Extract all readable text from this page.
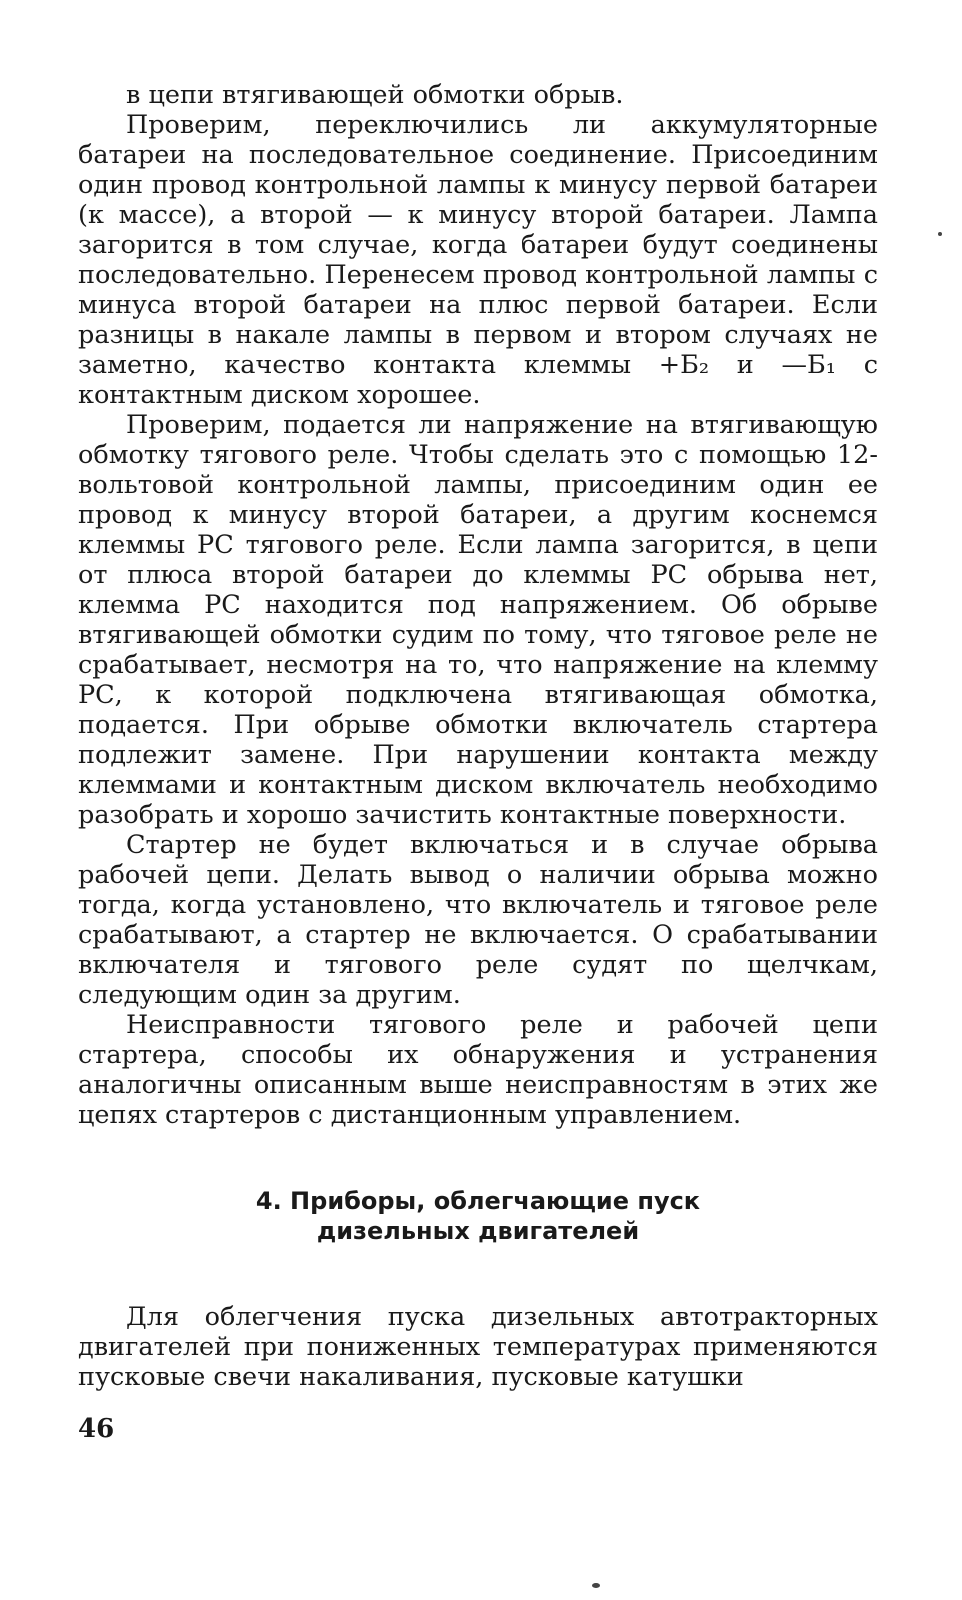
в цепи втягивающей обмотки обрыв.

Проверим, переключились ли аккумуляторные батареи на последовательное соединение. Присоединим один провод контрольной лампы к минусу первой батареи (к массе), а второй — к минусу второй батареи. Лампа загорится в том случае, когда батареи будут соединены последовательно. Перенесем провод контрольной лампы с минуса второй батареи на плюс первой батареи. Если разницы в накале лампы в первом и втором случаях не заметно, качество контакта клеммы +Б₂ и —Б₁ с контактным диском хорошее.

Проверим, подается ли напряжение на втягивающую обмотку тягового реле. Чтобы сделать это с помощью 12-вольтовой контрольной лампы, присоединим один ее провод к минусу второй батареи, а другим коснемся клеммы РС тягового реле. Если лампа загорится, в цепи от плюса второй батареи до клеммы РС обрыва нет, клемма РС находится под напряжением. Об обрыве втягивающей обмотки судим по тому, что тяговое реле не срабатывает, несмотря на то, что напряжение на клемму РС, к которой подключена втягивающая обмотка, подается. При обрыве обмотки включатель стартера подлежит замене. При нарушении контакта между клеммами и контактным диском включатель необходимо разобрать и хорошо зачистить контактные поверхности.

Стартер не будет включаться и в случае обрыва рабочей цепи. Делать вывод о наличии обрыва можно тогда, когда установлено, что включатель и тяговое реле срабатывают, а стартер не включается. О срабатывании включателя и тягового реле судят по щелчкам, следующим один за другим.

Неисправности тягового реле и рабочей цепи стартера, способы их обнаружения и устранения аналогичны описанным выше неисправностям в этих же цепях стартеров с дистанционным управлением.

4. Приборы, облегчающие пуск
дизельных двигателей

Для облегчения пуска дизельных автотракторных двигателей при пониженных температурах применяются пусковые свечи накаливания, пусковые катушки

46
